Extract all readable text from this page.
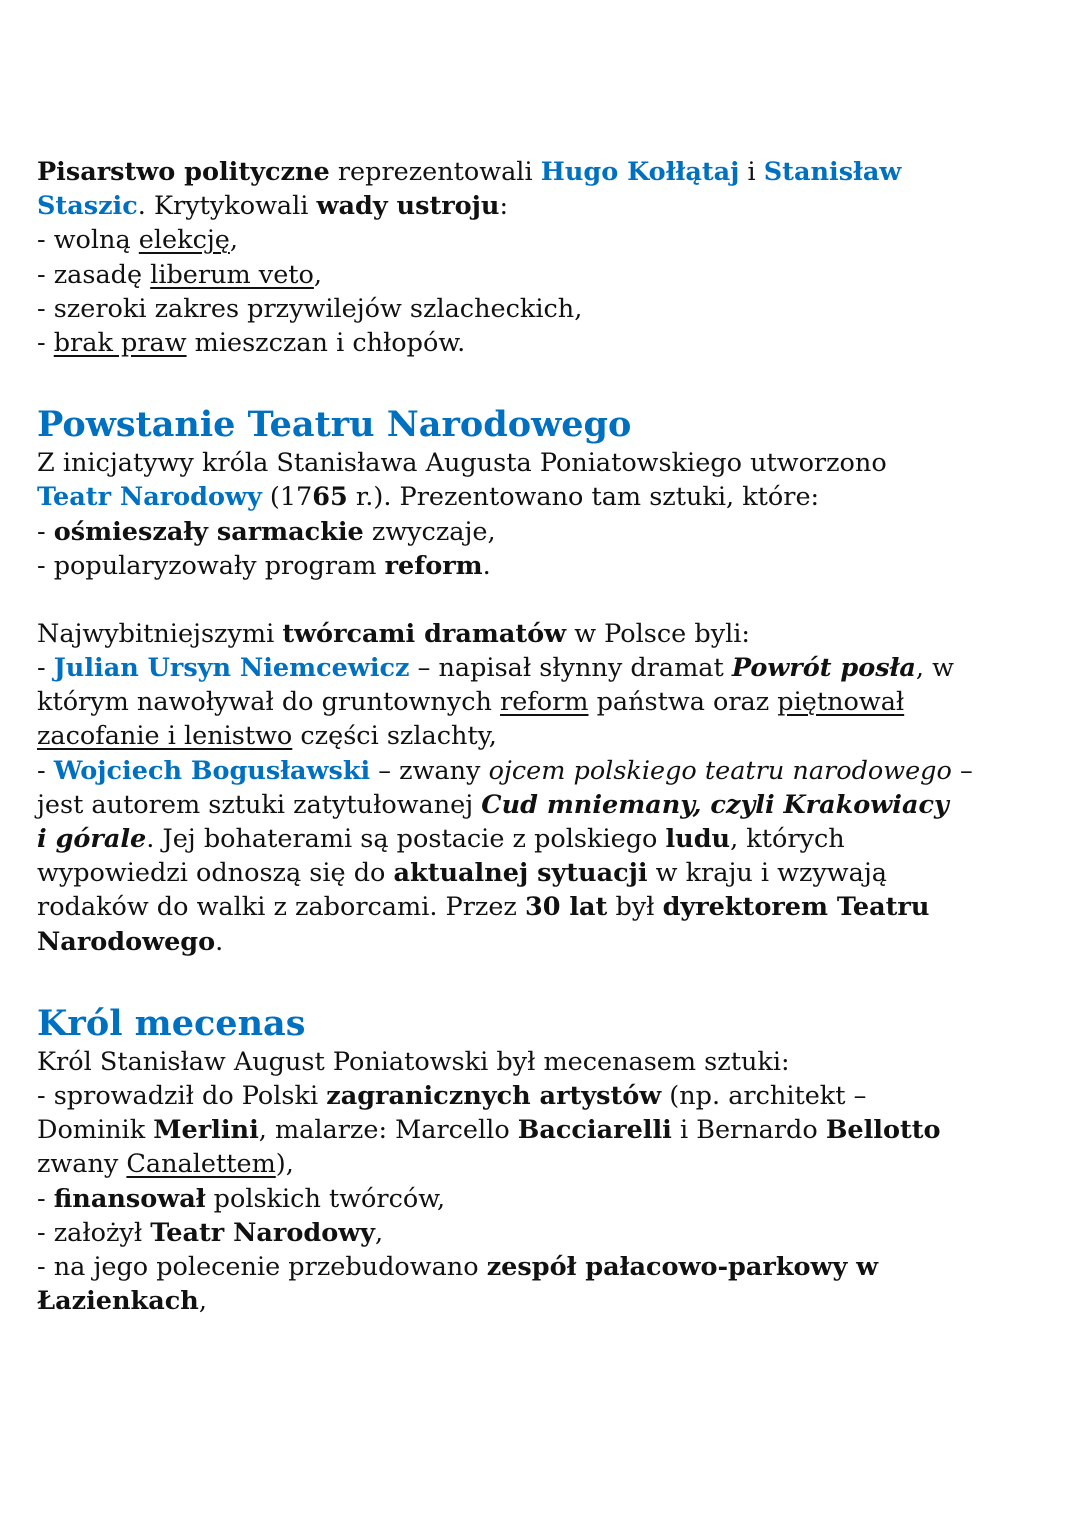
Pisarstwo polityczne reprezentowali Hugo Kołłątaj i Stanisław
Staszic. Krytykowali wady ustroju:
- wolną elekcję,
- zasadę liberum veto,
- szeroki zakres przywilejów szlacheckich,
- brak praw mieszczan i chłopów.
Powstanie Teatru Narodowego
Z inicjatywy króla Stanisława Augusta Poniatowskiego utworzono
Teatr Narodowy (1765 r.). Prezentowano tam sztuki, które:
- ośmieszały sarmackie zwyczaje,
- popularyzowały program reform.
Najwybitniejszymi twórcami dramatów w Polsce byli:
- Julian Ursyn Niemcewicz – napisał słynny dramat Powrót posła, w
którym nawoływał do gruntownych reform państwa oraz piętnował
zacofanie i lenistwo części szlachty,
- Wojciech Bogusławski – zwany ojcem polskiego teatru narodowego –
jest autorem sztuki zatytułowanej Cud mniemany, czyli Krakowiacy
i górale. Jej bohaterami są postacie z polskiego ludu, których
wypowiedzi odnoszą się do aktualnej sytuacji w kraju i wzywają
rodaków do walki z zaborcami. Przez 30 lat był dyrektorem Teatru
Narodowego.
Król mecenas
Król Stanisław August Poniatowski był mecenasem sztuki:
- sprowadził do Polski zagranicznych artystów (np. architekt –
Dominik Merlini, malarze: Marcello Bacciarelli i Bernardo Bellotto
zwany Canalettem),
- finansował polskich twórców,
- założył Teatr Narodowy,
- na jego polecenie przebudowano zespół pałacowo-parkowy w
Łazienkach,
